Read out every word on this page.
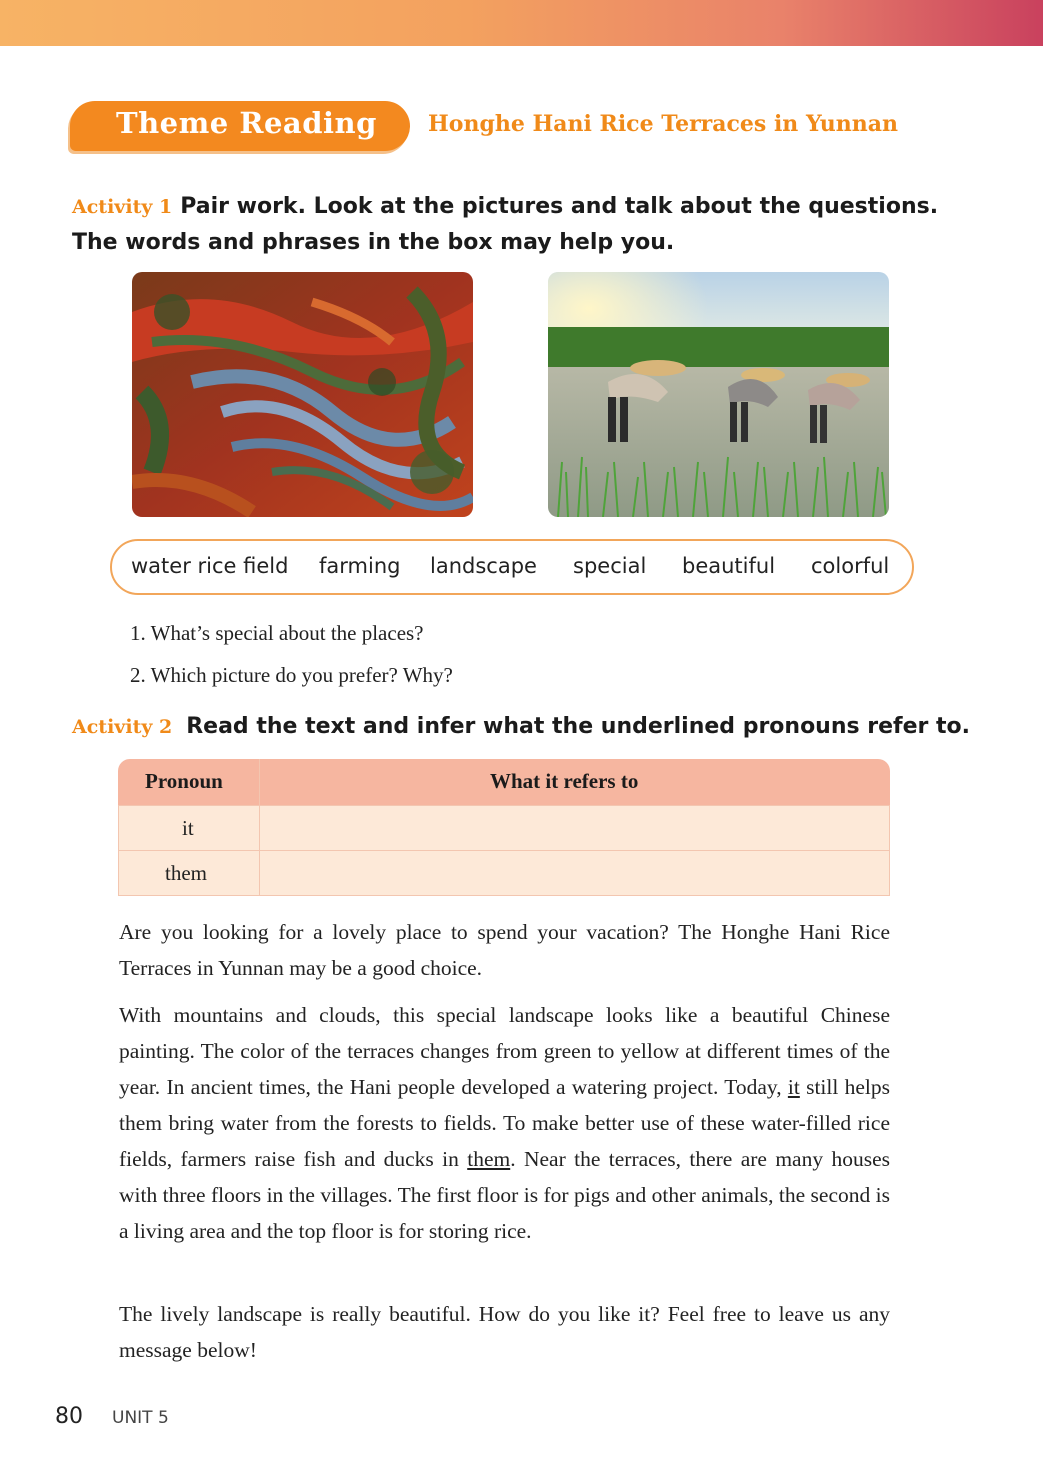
Theme Reading Honghe Hani Rice Terraces in Yunnan
Activity 1 Pair work. Look at the pictures and talk about the questions.
The words and phrases in the box may help you.
water rice field farming landscape special beautiful colorful
1. What’s special about the places?
2. Which picture do you prefer? Why?
Activity 2 Read the text and infer what the underlined pronouns refer to.
Pronoun	What it refers to
it
them
Are you looking for a lovely place to spend your vacation? The Honghe Hani Rice Terraces in Yunnan may be a good choice.
With mountains and clouds, this special landscape looks like a beautiful Chinese painting. The color of the terraces changes from green to yellow at different times of the year. In ancient times, the Hani people developed a watering project. Today, it still helps them bring water from the forests to fields. To make better use of these water-filled rice fields, farmers raise fish and ducks in them. Near the terraces, there are many houses with three floors in the villages. The first floor is for pigs and other animals, the second is a living area and the top floor is for storing rice.
The lively landscape is really beautiful. How do you like it? Feel free to leave us any message below!
80 UNIT 5
